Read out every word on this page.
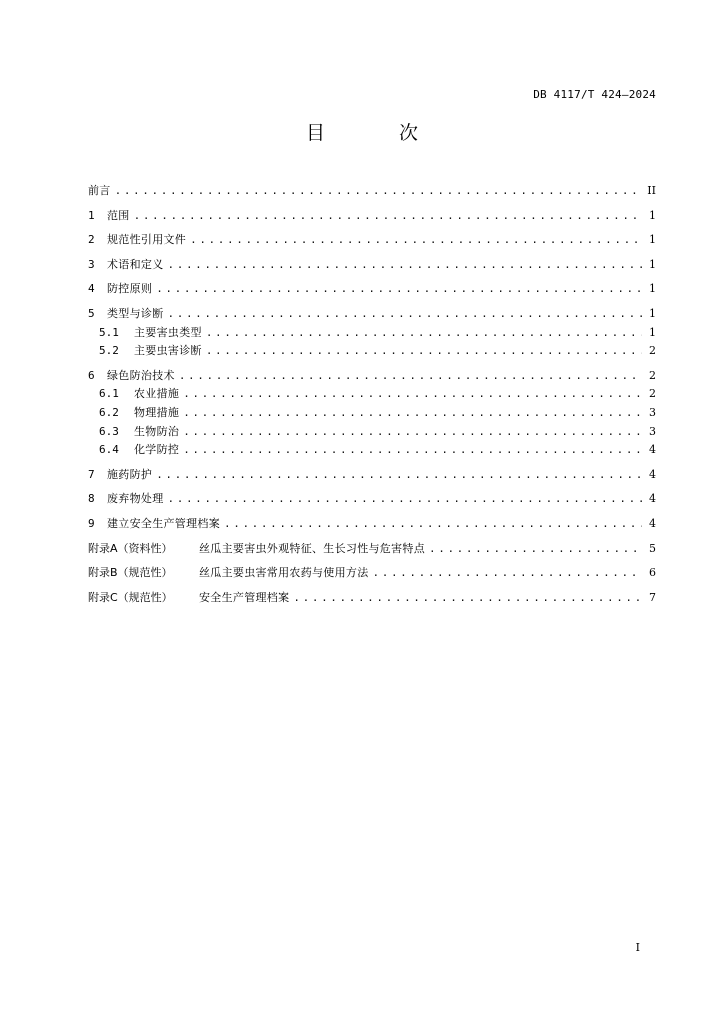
DB 4117/T 424—2024
目 次
前言 .....	II
1	范围 .....	1
2	规范性引用文件 .....	1
3	术语和定义 .....	1
4	防控原则 .....	1
5	类型与诊断 .....	1
5.1	主要害虫类型 .....	1
5.2	主要虫害诊断 .....	2
6	绿色防治技术 .....	2
6.1	农业措施 .....	2
6.2	物理措施 .....	3
6.3	生物防治 .....	3
6.4	化学防控 .....	4
7	施药防护 .....	4
8	废弃物处理 .....	4
9	建立安全生产管理档案 .....	4
附录A（资料性）	丝瓜主要害虫外观特征、生长习性与危害特点 .....	5
附录B（规范性）	丝瓜主要虫害常用农药与使用方法 .....	6
附录C（规范性）	安全生产管理档案 .....	7
I
